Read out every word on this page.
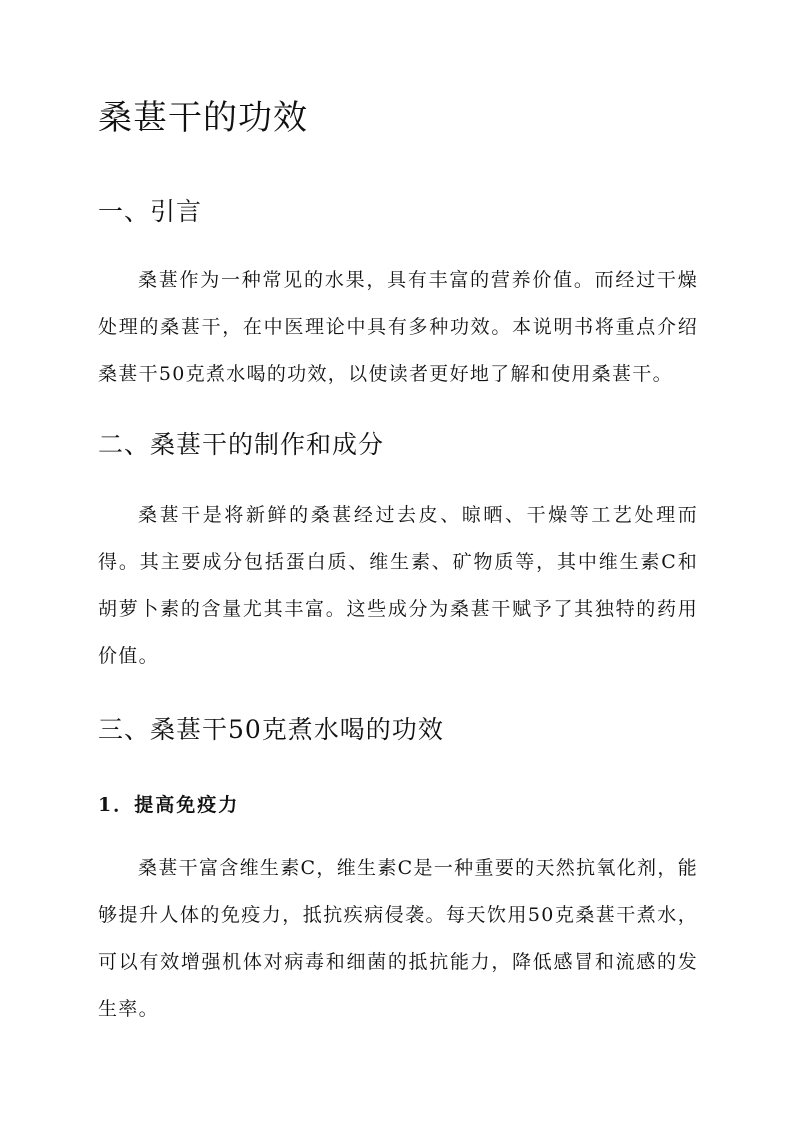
桑葚干的功效
一、引言

桑葚作为一种常见的水果，具有丰富的营养价值。而经过干燥处理的桑葚干，在中医理论中具有多种功效。本说明书将重点介绍桑葚干50克煮水喝的功效，以使读者更好地了解和使用桑葚干。

二、桑葚干的制作和成分

桑葚干是将新鲜的桑葚经过去皮、晾晒、干燥等工艺处理而得。其主要成分包括蛋白质、维生素、矿物质等，其中维生素C和胡萝卜素的含量尤其丰富。这些成分为桑葚干赋予了其独特的药用价值。

三、桑葚干50克煮水喝的功效
1．提高免疫力

桑葚干富含维生素C，维生素C是一种重要的天然抗氧化剂，能够提升人体的免疫力，抵抗疾病侵袭。每天饮用50克桑葚干煮水，可以有效增强机体对病毒和细菌的抵抗能力，降低感冒和流感的发生率。
